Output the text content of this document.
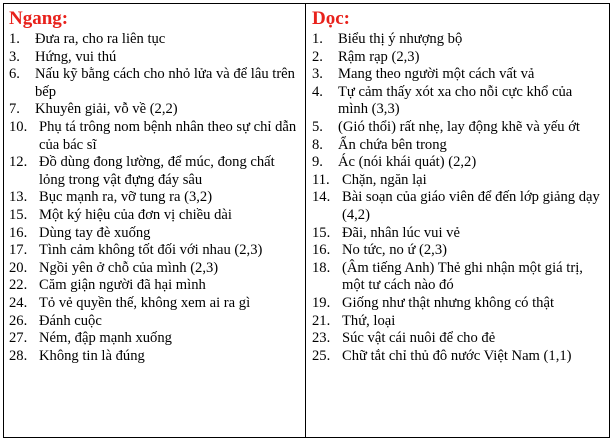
Ngang:
1.	Đưa ra, cho ra liên tục
3.	Hứng, vui thú
6.	Nấu kỹ bằng cách cho nhỏ lửa và để lâu trên bếp
7.	Khuyên giải, vỗ về (2,2)
10. Phụ tá trông nom bệnh nhân theo sự chỉ dẫn của bác sĩ
12. Đồ dùng đong lường, để múc, đong chất lỏng trong vật đựng đáy sâu
13. Bục mạnh ra, vỡ tung ra (3,2)
15. Một ký hiệu của đơn vị chiều dài
16. Dùng tay đè xuống
17. Tình cảm không tốt đối với nhau (2,3)
20. Ngồi yên ở chỗ của mình (2,3)
22. Căm giận người đã hại mình
24. Tỏ vẻ quyền thế, không xem ai ra gì
26. Đánh cuộc
27. Ném, đập mạnh xuống
28. Không tin là đúng
Dọc:
1.	Biểu thị ý nhượng bộ
2.	Rậm rạp (2,3)
3.	Mang theo người một cách vất vả
4.	Tự cảm thấy xót xa cho nỗi cực khổ của mình (3,3)
5.	(Gió thổi) rất nhẹ, lay động khẽ và yếu ớt
8.	Ẩn chứa bên trong
9.	Ác (nói khái quát) (2,2)
11. Chặn, ngăn lại
14. Bài soạn của giáo viên để đến lớp giảng dạy (4,2)
15. Đãi, nhân lúc vui vẻ
16. No tức, no ứ (2,3)
18. (Âm tiếng Anh) Thẻ ghi nhận một giá trị, một tư cách nào đó
19. Giống như thật nhưng không có thật
21. Thứ, loại
23. Súc vật cái nuôi để cho đẻ
25. Chữ tắt chỉ thủ đô nước Việt Nam (1,1)
